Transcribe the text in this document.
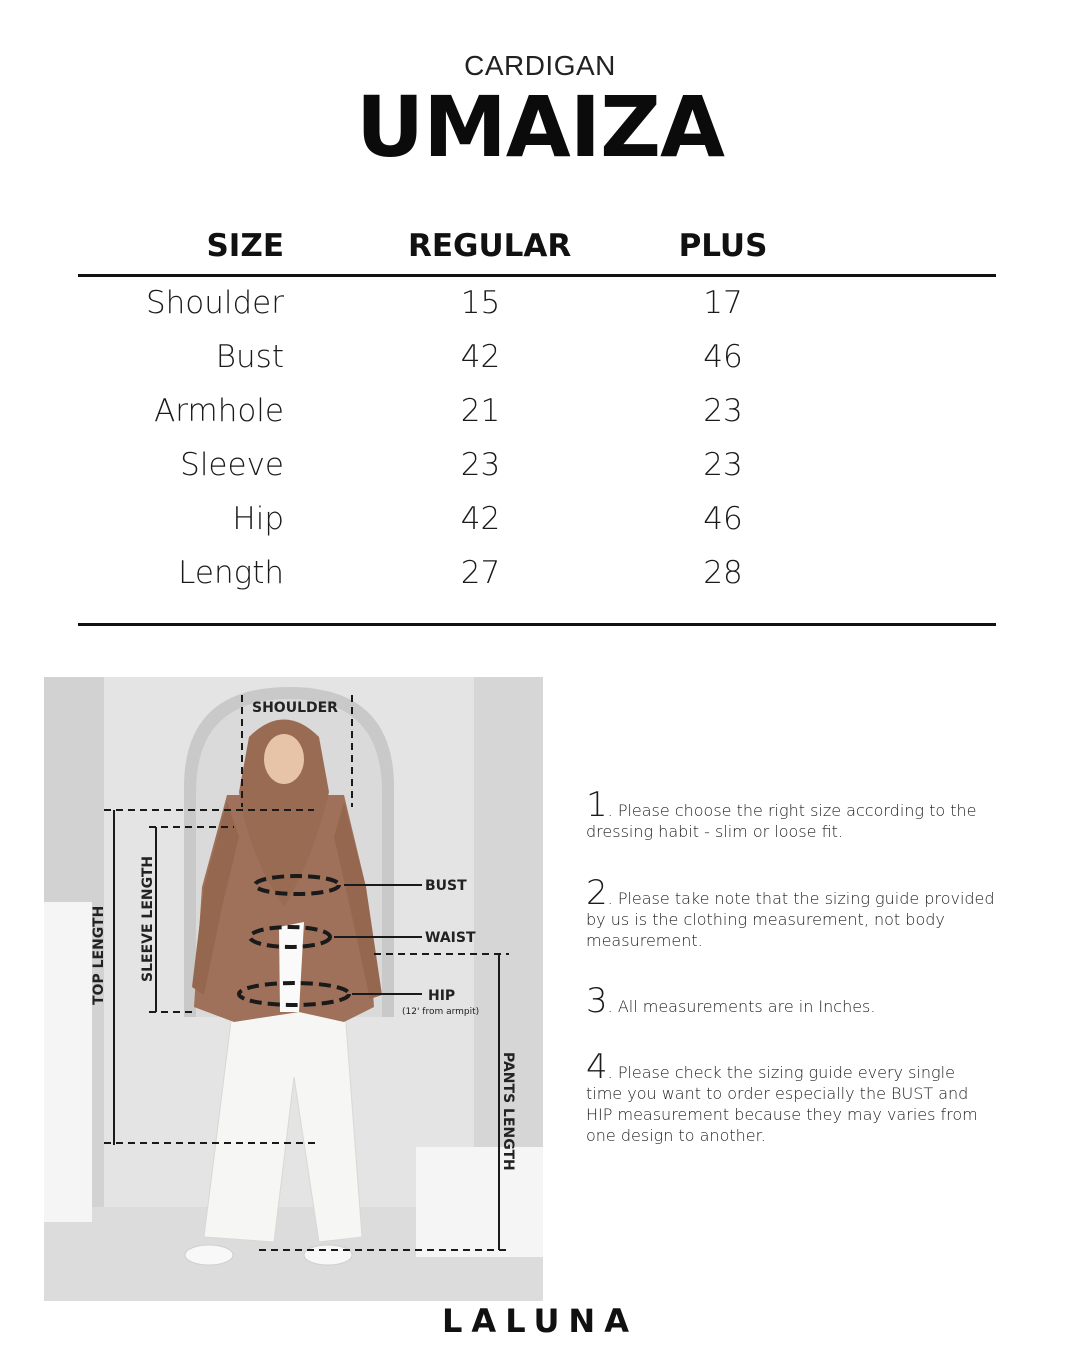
CARDIGAN
UMAIZA
SIZE	REGULAR	PLUS
Shoulder	15	17
Bust	42	46
Armhole	21	23
Sleeve	23	23
Hip	42	46
Length	27	28
SHOULDER
BUST
WAIST
HIP
(12' from armpit)
TOP LENGTH SLEEVE LENGTH
PANTS LENGTH
1. Please choose the right size according to the dressing habit - slim or loose fit.
2. Please take note that the sizing guide provided by us is the clothing measurement, not body measurement.
3. All measurements are in Inches.
4. Please check the sizing guide every single time you want to order especially the BUST and HIP measurement because they may varies from one design to another.
LALUNA
